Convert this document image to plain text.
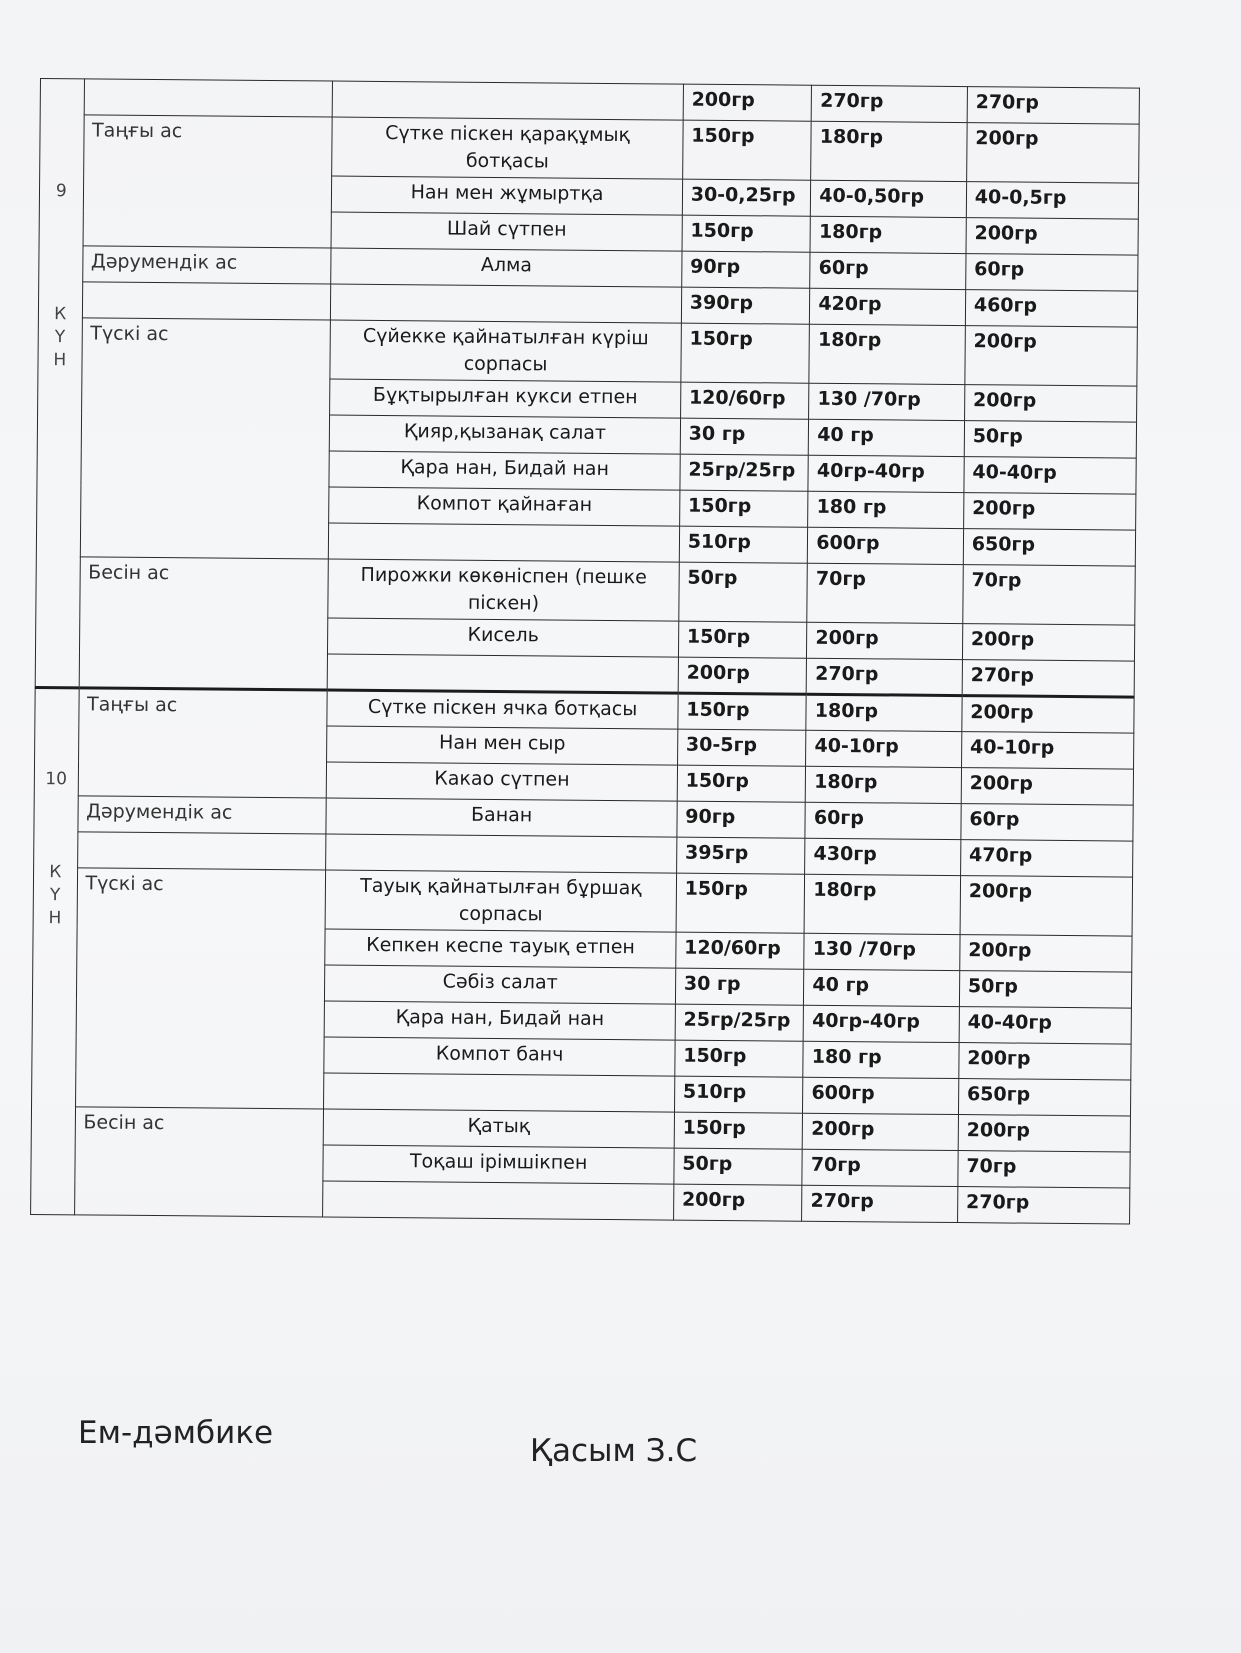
9
К
Ү
Н			200гр	270гр	270гр
	Таңғы ас	Сүтке піскен қарақұмық ботқасы	150гр	180гр	200гр
		Нан мен жұмыртқа	30-0,25гр	40-0,50гр	40-0,5гр
		Шай сүтпен	150гр	180гр	200гр
	Дәрумендік ас	Алма	90гр	60гр	60гр
			390гр	420гр	460гр
	Түскі ас	Сүйекке қайнатылған күріш сорпасы	150гр	180гр	200гр
		Бұқтырылған кукси етпен	120/60гр	130 /70гр	200гр
		Қияр,қызанақ салат	30 гр	40 гр	50гр
		Қара нан, Бидай нан	25гр/25гр	40гр-40гр	40-40гр
		Компот қайнаған	150гр	180 гр	200гр
			510гр	600гр	650гр
	Бесін ас	Пирожки көкөніспен (пешке піскен)	50гр	70гр	70гр
		Кисель	150гр	200гр	200гр
			200гр	270гр	270гр

10
К
Ү
Н	Таңғы ас	Сүтке піскен ячка ботқасы	150гр	180гр	200гр
		Нан мен сыр	30-5гр	40-10гр	40-10гр
		Какао сүтпен	150гр	180гр	200гр
	Дәрумендік ас	Банан	90гр	60гр	60гр
			395гр	430гр	470гр
	Түскі ас	Тауық қайнатылған бұршақ сорпасы	150гр	180гр	200гр
		Кепкен кеспе тауық етпен	120/60гр	130 /70гр	200гр
		Сәбіз салат	30 гр	40 гр	50гр
		Қара нан, Бидай нан	25гр/25гр	40гр-40гр	40-40гр
		Компот банч	150гр	180 гр	200гр
			510гр	600гр	650гр
	Бесін ас	Қатық	150гр	200гр	200гр
		Тоқаш ірімшікпен	50гр	70гр	70гр
			200гр	270гр	270гр
Ем-дәмбике	Қасым З.С
